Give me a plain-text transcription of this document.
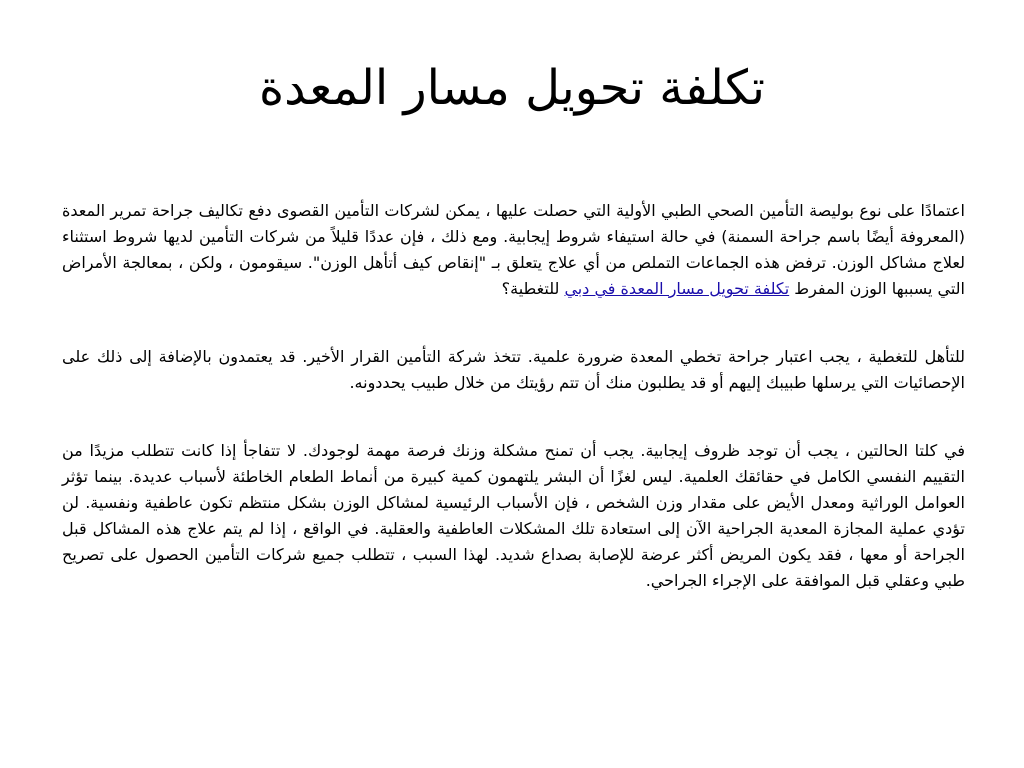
تكلفة تحويل مسار المعدة

اعتمادًا على نوع بوليصة التأمين الصحي الطبي الأولية التي حصلت عليها ، يمكن لشركات التأمين القصوى دفع تكاليف جراحة تمرير المعدة (المعروفة أيضًا باسم جراحة السمنة) في حالة استيفاء شروط إيجابية. ومع ذلك ، فإن عددًا قليلاً من شركات التأمين لديها شروط استثناء لعلاج مشاكل الوزن. ترفض هذه الجماعات التملص من أي علاج يتعلق بـ "إنقاص كيف أتأهل الوزن". سيقومون ، ولكن ، بمعالجة الأمراض التي يسببها الوزن المفرط تكلفة تحويل مسار المعدة في دبي للتغطية؟

للتأهل للتغطية ، يجب اعتبار جراحة تخطي المعدة ضرورة علمية. تتخذ شركة التأمين القرار الأخير. قد يعتمدون بالإضافة إلى ذلك على الإحصائيات التي يرسلها طبيبك إليهم أو قد يطلبون منك أن تتم رؤيتك من خلال طبيب يحددونه.

في كلتا الحالتين ، يجب أن توجد ظروف إيجابية. يجب أن تمنح مشكلة وزنك فرصة مهمة لوجودك. لا تتفاجأ إذا كانت تتطلب مزيدًا من التقييم النفسي الكامل في حقائقك العلمية. ليس لغزًا أن البشر يلتهمون كمية كبيرة من أنماط الطعام الخاطئة لأسباب عديدة. بينما تؤثر العوامل الوراثية ومعدل الأيض على مقدار وزن الشخص ، فإن الأسباب الرئيسية لمشاكل الوزن بشكل منتظم تكون عاطفية ونفسية. لن تؤدي عملية المجازة المعدية الجراحية الآن إلى استعادة تلك المشكلات العاطفية والعقلية. في الواقع ، إذا لم يتم علاج هذه المشاكل قبل الجراحة أو معها ، فقد يكون المريض أكثر عرضة للإصابة بصداع شديد. لهذا السبب ، تتطلب جميع شركات التأمين الحصول على تصريح طبي وعقلي قبل الموافقة على الإجراء الجراحي.
